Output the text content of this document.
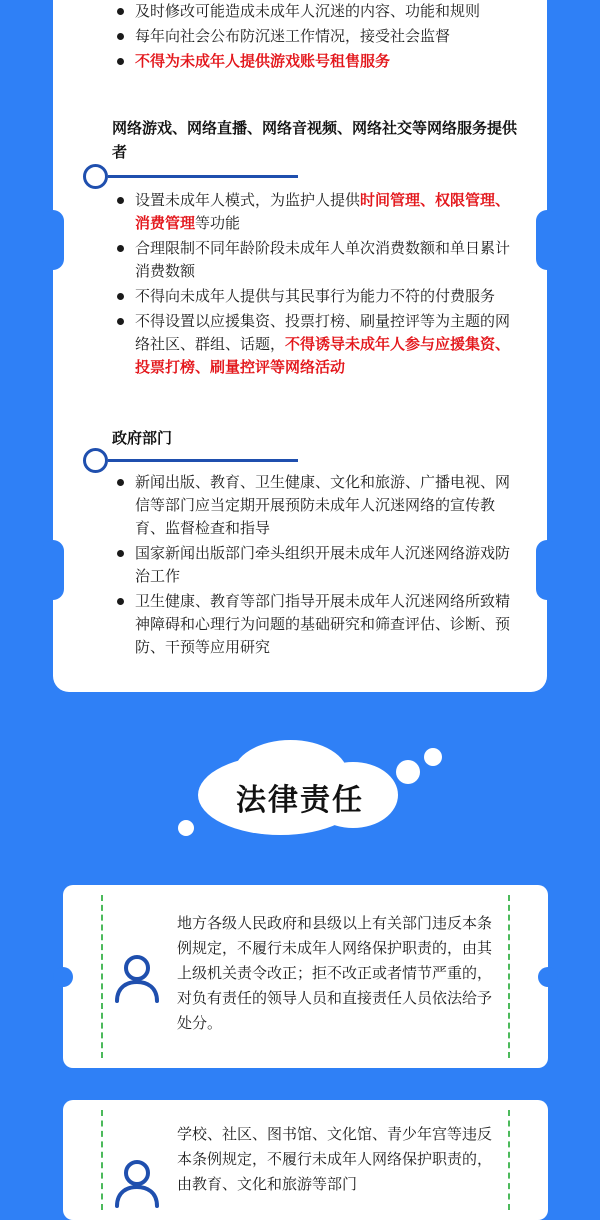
及时修改可能造成未成年人沉迷的内容、功能和规则
每年向社会公布防沉迷工作情况，接受社会监督
不得为未成年人提供游戏账号租售服务
网络游戏、网络直播、网络音视频、网络社交等网络服务提供者
设置未成年人模式，为监护人提供时间管理、权限管理、消费管理等功能
合理限制不同年龄阶段未成年人单次消费数额和单日累计消费数额
不得向未成年人提供与其民事行为能力不符的付费服务
不得设置以应援集资、投票打榜、刷量控评等为主题的网络社区、群组、话题，不得诱导未成年人参与应援集资、投票打榜、刷量控评等网络活动
政府部门
新闻出版、教育、卫生健康、文化和旅游、广播电视、网信等部门应当定期开展预防未成年人沉迷网络的宣传教育、监督检查和指导
国家新闻出版部门牵头组织开展未成年人沉迷网络游戏防治工作
卫生健康、教育等部门指导开展未成年人沉迷网络所致精神障碍和心理行为问题的基础研究和筛查评估、诊断、预防、干预等应用研究
法律责任
地方各级人民政府和县级以上有关部门违反本条例规定，不履行未成年人网络保护职责的，由其上级机关责令改正；拒不改正或者情节严重的，对负有责任的领导人员和直接责任人员依法给予处分。
学校、社区、图书馆、文化馆、青少年宫等违反本条例规定，不履行未成年人网络保护职责的，由教育、文化和旅游等部门
